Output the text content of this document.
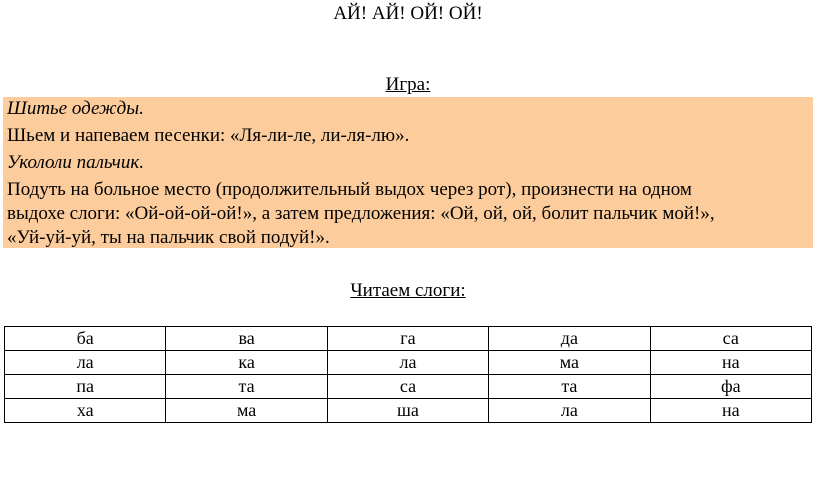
АЙ! АЙ! ОЙ! ОЙ!
Игра:
Шитье одежды.
Шьем и напеваем песенки: «Ля-ли-ле, ли-ля-лю».
Укололи пальчик.
Подуть на больное место (продолжительный выдох через рот), произнести на одном
выдохе слоги: «Ой-ой-ой-ой!», а затем предложения: «Ой, ой, ой, болит пальчик мой!»,
«Уй-уй-уй, ты на пальчик свой подуй!».
Читаем слоги:
ба	ва	га	да	са
ла	ка	ла	ма	на
па	та	са	та	фа
ха	ма	ша	ла	на
